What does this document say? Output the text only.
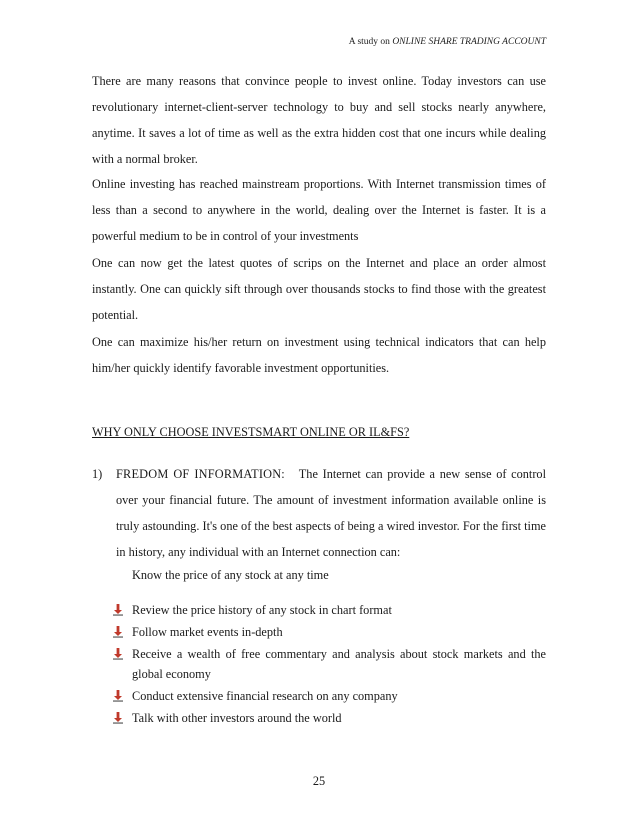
A study on ONLINE SHARE TRADING ACCOUNT

There are many reasons that convince people to invest online. Today investors can use revolutionary internet-client-server technology to buy and sell stocks nearly anywhere, anytime. It saves a lot of time as well as the extra hidden cost that one incurs while dealing with a normal broker.

Online investing has reached mainstream proportions. With Internet transmission times of less than a second to anywhere in the world, dealing over the Internet is faster. It is a powerful medium to be in control of your investments

One can now get the latest quotes of scrips on the Internet and place an order almost instantly. One can quickly sift through over thousands stocks to find those with the greatest potential.

One can maximize his/her return on investment using technical indicators that can help him/her quickly identify favorable investment opportunities.

WHY ONLY CHOOSE INVESTSMART ONLINE OR IL&FS?

1) FREDOM OF INFORMATION: The Internet can provide a new sense of control over your financial future. The amount of investment information available online is truly astounding. It's one of the best aspects of being a wired investor. For the first time in history, any individual with an Internet connection can:

Know the price of any stock at any time

Review the price history of any stock in chart format
Follow market events in-depth
Receive a wealth of free commentary and analysis about stock markets and the global economy
Conduct extensive financial research on any company
Talk with other investors around the world
25
